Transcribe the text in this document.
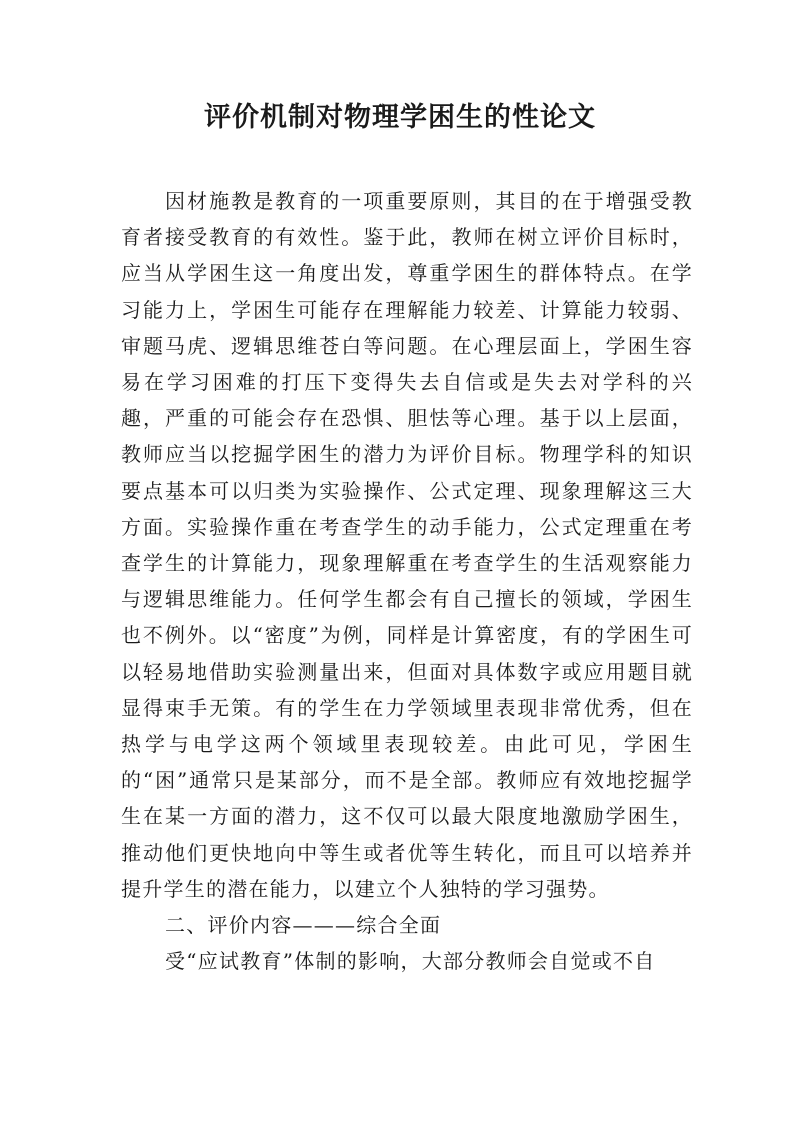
评价机制对物理学困生的性论文

因材施教是教育的一项重要原则，其目的在于增强受教育者接受教育的有效性。鉴于此，教师在树立评价目标时，应当从学困生这一角度出发，尊重学困生的群体特点。在学习能力上，学困生可能存在理解能力较差、计算能力较弱、审题马虎、逻辑思维苍白等问题。在心理层面上，学困生容易在学习困难的打压下变得失去自信或是失去对学科的兴趣，严重的可能会存在恐惧、胆怯等心理。基于以上层面，教师应当以挖掘学困生的潜力为评价目标。物理学科的知识要点基本可以归类为实验操作、公式定理、现象理解这三大方面。实验操作重在考查学生的动手能力，公式定理重在考查学生的计算能力，现象理解重在考查学生的生活观察能力与逻辑思维能力。任何学生都会有自己擅长的领域，学困生也不例外。以“密度”为例，同样是计算密度，有的学困生可以轻易地借助实验测量出来，但面对具体数字或应用题目就显得束手无策。有的学生在力学领域里表现非常优秀，但在热学与电学这两个领域里表现较差。由此可见，学困生的“困”通常只是某部分，而不是全部。教师应有效地挖掘学生在某一方面的潜力，这不仅可以最大限度地激励学困生，推动他们更快地向中等生或者优等生转化，而且可以培养并提升学生的潜在能力，以建立个人独特的学习强势。

二、评价内容———综合全面

受“应试教育”体制的影响，大部分教师会自觉或不自
